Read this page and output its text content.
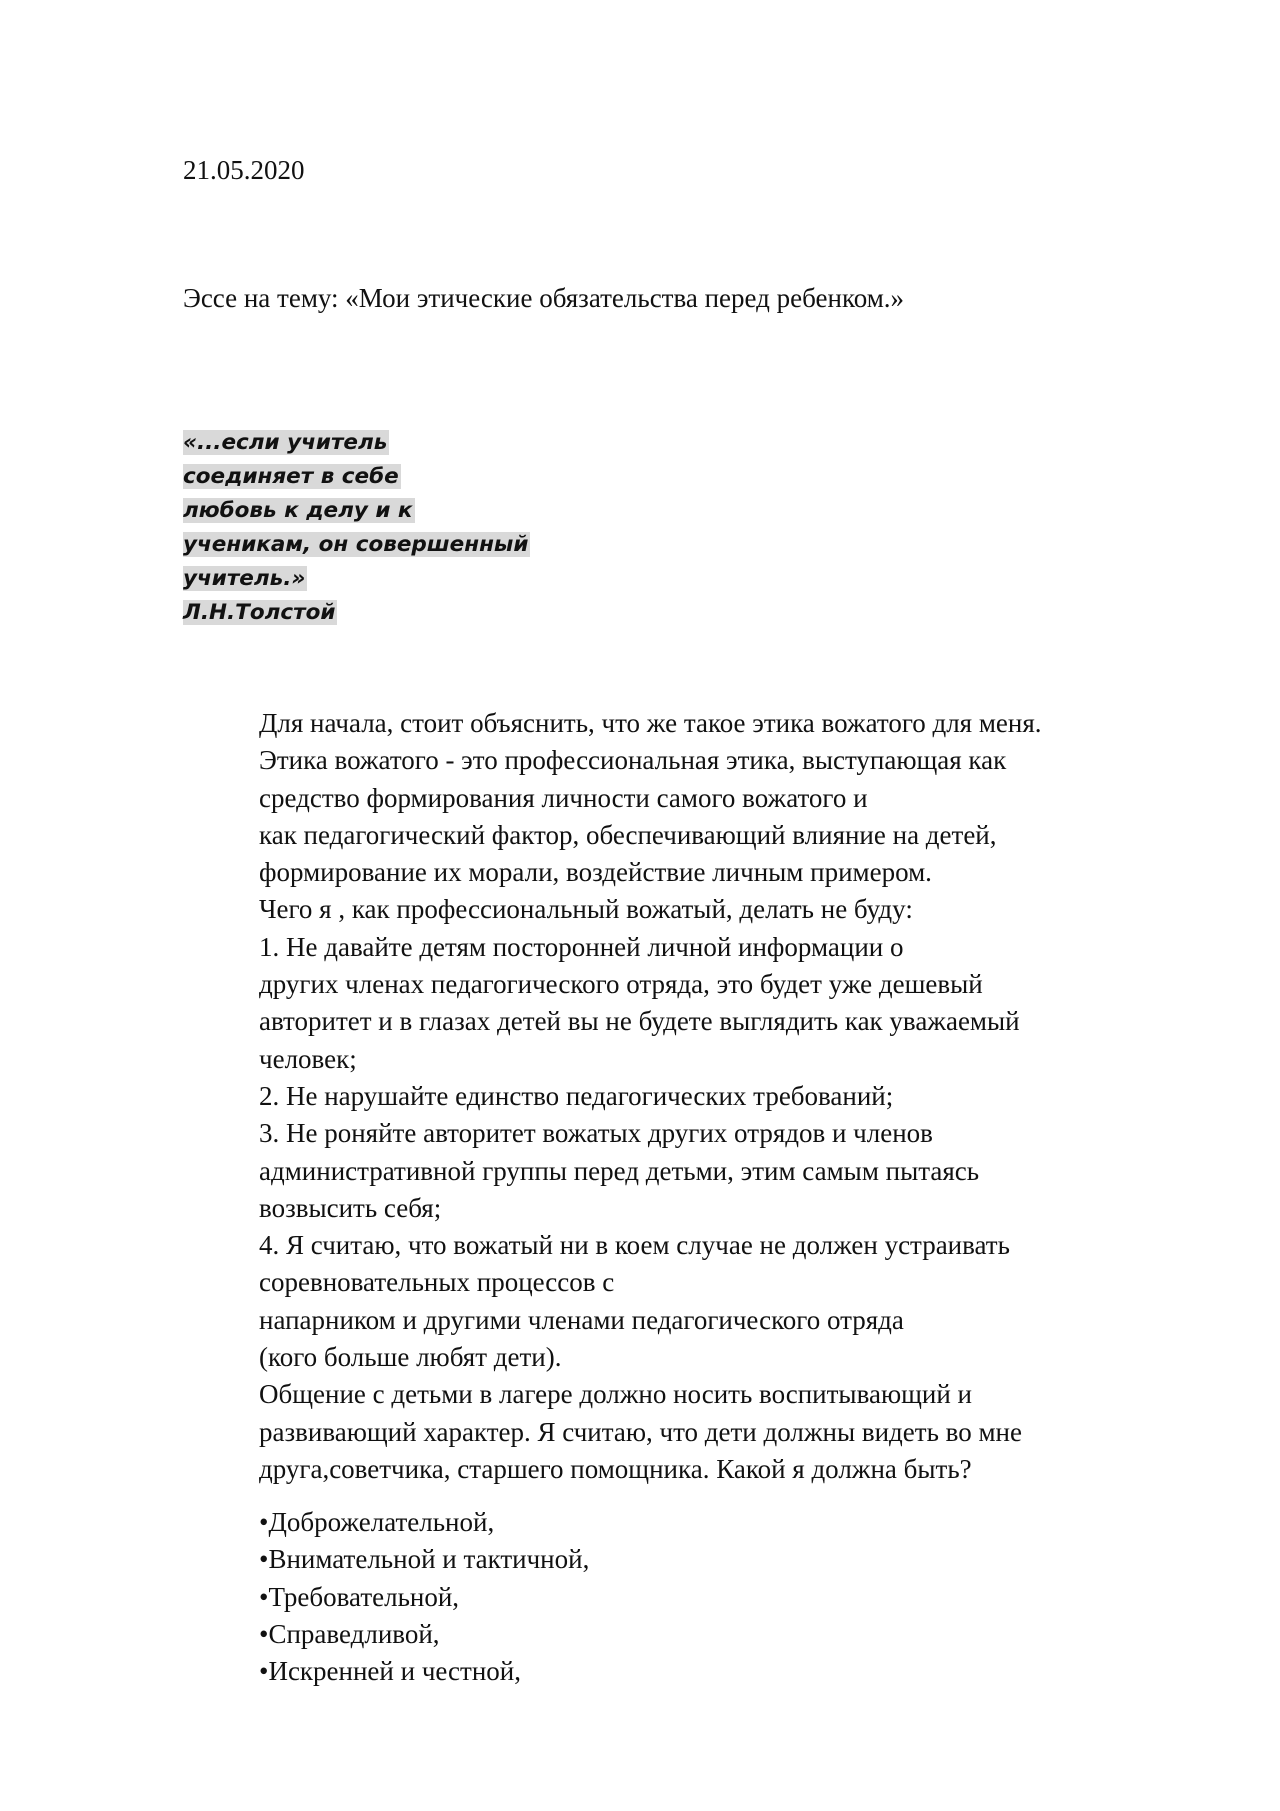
21.05.2020
Эссе на тему: «Мои этические обязательства перед ребенком.»
«...если учитель
соединяет в себе
любовь к делу и к
ученикам, он совершенный
учитель.»
Л.Н.Толстой
Для начала, стоит объяснить, что же такое этика вожатого для меня.
Этика вожатого - это профессиональная этика, выступающая как
средство формирования личности самого вожатого и
как педагогический фактор, обеспечивающий влияние на детей,
формирование их морали, воздействие личным примером.
Чего я , как профессиональный вожатый, делать не буду:
1. Не давайте детям посторонней личной информации о
других членах педагогического отряда, это будет уже дешевый
авторитет и в глазах детей вы не будете выглядить как уважаемый
человек;
2. Не нарушайте единство педагогических требований;
3. Не роняйте авторитет вожатых других отрядов и членов
административной группы перед детьми, этим самым пытаясь
возвысить себя;
4. Я считаю, что вожатый ни в коем случае не должен устраивать
соревновательных процессов с
напарником и другими членами педагогического отряда
(кого больше любят дети).
Общение с детьми в лагере должно носить воспитывающий и
развивающий характер. Я считаю, что дети должны видеть во мне
друга,советчика, старшего помощника. Какой я должна быть?
•Доброжелательной,
•Внимательной и тактичной,
•Требовательной,
•Справедливой,
•Искренней и честной,
